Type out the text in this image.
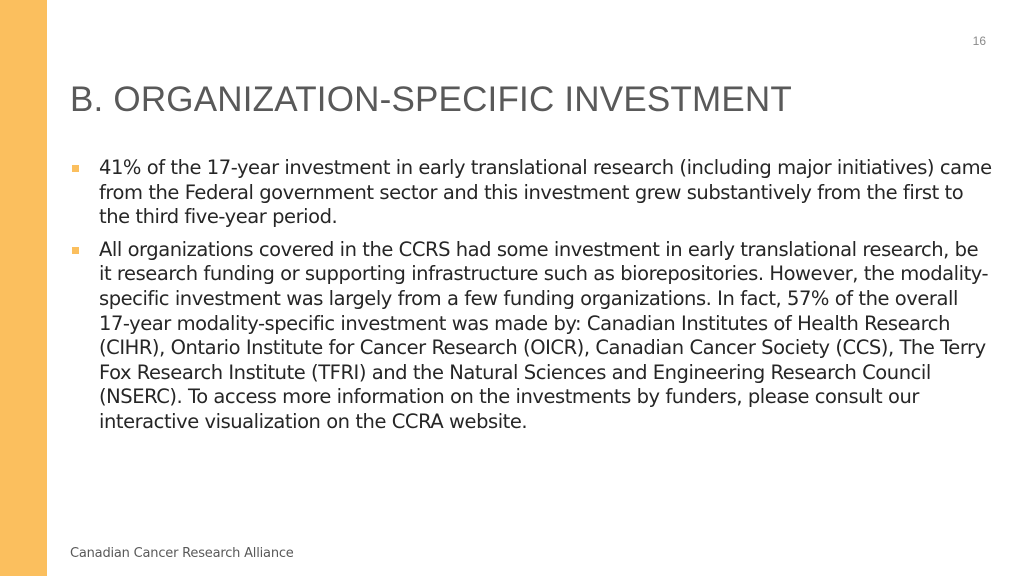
16
B. ORGANIZATION-SPECIFIC INVESTMENT
41% of the 17-year investment in early translational research (including major initiatives) came from the Federal government sector and this investment grew substantively from the first to the third five-year period.
All organizations covered in the CCRS had some investment in early translational research, be it research funding or supporting infrastructure such as biorepositories. However, the modality-specific investment was largely from a few funding organizations. In fact, 57% of the overall 17-year modality-specific investment was made by: Canadian Institutes of Health Research (CIHR), Ontario Institute for Cancer Research (OICR), Canadian Cancer Society (CCS), The Terry Fox Research Institute (TFRI) and the Natural Sciences and Engineering Research Council (NSERC). To access more information on the investments by funders, please consult our interactive visualization on the CCRA website.
Canadian Cancer Research Alliance
